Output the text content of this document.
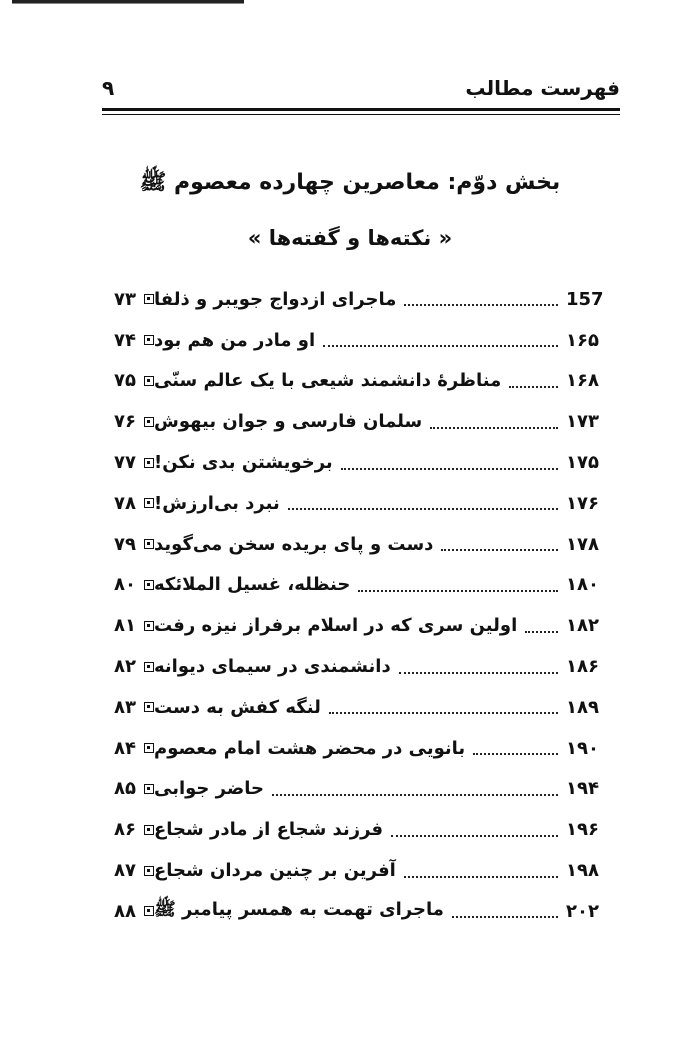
فهرست مطالب
۹
بخش دوّم: معاصرین چهارده معصوم ﷺ
« نکته‌ها و گفته‌ها »
۷۳ ماجرای ازدواج جویبر و ذلفا	157
۷۴ او مادر من هم بود	۱۶۵
۷۵ مناظرهٔ دانشمند شیعی با یک عالم سنّی	۱۶۸
۷۶ سلمان فارسی و جوان بیهوش	۱۷۳
۷۷ برخویشتن بدی نکن!	۱۷۵
۷۸ نبرد بی‌ارزش!	۱۷۶
۷۹ دست و پای بریده سخن می‌گوید	۱۷۸
۸۰ حنظله، غسیل الملائکه	۱۸۰
۸۱ اولین سری که در اسلام برفراز نیزه رفت	۱۸۲
۸۲ دانشمندی در سیمای دیوانه	۱۸۶
۸۳ لنگه کفش به دست	۱۸۹
۸۴ بانویی در محضر هشت امام معصوم	۱۹۰
۸۵ حاضر جوابی	۱۹۴
۸۶ فرزند شجاع از مادر شجاع	۱۹۶
۸۷ آفرین بر چنین مردان شجاع	۱۹۸
۸۸ ماجرای تهمت به همسر پیامبر ﷺ	۲۰۲
